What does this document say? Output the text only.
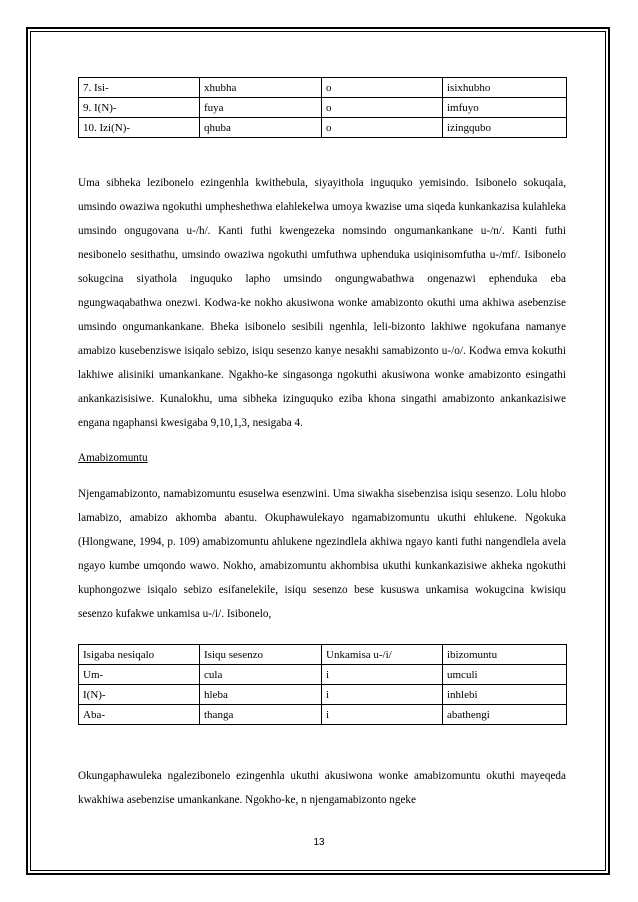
7. Isi-	xhubha	o	isixhubho
9. I(N)-	fuya	o	imfuyo
10. Izi(N)-	qhuba	o	izingqubo

Uma sibheka lezibonelo ezingenhla kwithebula, siyayithola inguquko yemisindo. Isibonelo sokuqala, umsindo owaziwa ngokuthi umpheshethwa elahlekelwa umoya kwazise uma siqeda kunkankazisa kulahleka umsindo ongugovana u-/h/. Kanti futhi kwengezeka nomsindo ongumankankane u-/n/. Kanti futhi nesibonelo sesithathu, umsindo owaziwa ngokuthi umfuthwa uphenduka usiqinisomfutha u-/mf/. Isibonelo sokugcina siyathola inguquko lapho umsindo ongungwabathwa ongenazwi ephenduka eba ngungwaqabathwa onezwi. Kodwa-ke nokho akusiwona wonke amabizonto okuthi uma akhiwa asebenzise umsindo ongumankankane. Bheka isibonelo sesibili ngenhla, leli-bizonto lakhiwe ngokufana namanye amabizo kusebenziswe isiqalo sebizo, isiqu sesenzo kanye nesakhi samabizonto u-/o/. Kodwa emva kokuthi lakhiwe alisiniki umankankane. Ngakho-ke singasonga ngokuthi akusiwona wonke amabizonto esingathi ankankazisisiwe. Kunalokhu, uma sibheka izinguquko eziba khona singathi amabizonto ankankazisiwe engana ngaphansi kwesigaba 9,10,1,3, nesigaba 4.

Amabizomuntu

Njengamabizonto, namabizomuntu esuselwa esenzwini. Uma siwakha sisebenzisa isiqu sesenzo. Lolu hlobo lamabizo, amabizo akhomba abantu. Okuphawulekayo ngamabizomuntu ukuthi ehlukene. Ngokuka (Hlongwane, 1994, p. 109) amabizomuntu ahlukene ngezindlela akhiwa ngayo kanti futhi nangendlela avela ngayo kumbe umqondo wawo. Nokho, amabizomuntu akhombisa ukuthi kunkankazisiwe akheka ngokuthi kuphongozwe isiqalo sebizo esifanelekile, isiqu sesenzo bese kususwa unkamisa wokugcina kwisiqu sesenzo kufakwe unkamisa u-/i/. Isibonelo,

Isigaba nesiqalo	Isiqu sesenzo	Unkamisa u-/i/	ibizomuntu
Um-	cula	i	umculi
I(N)-	hleba	i	inhlebi
Aba-	thanga	i	abathengi

Okungaphawuleka ngalezibonelo ezingenhla ukuthi akusiwona wonke amabizomuntu okuthi mayeqeda kwakhiwa asebenzise umankankane. Ngokho-ke, n njengamabizonto ngeke

13
